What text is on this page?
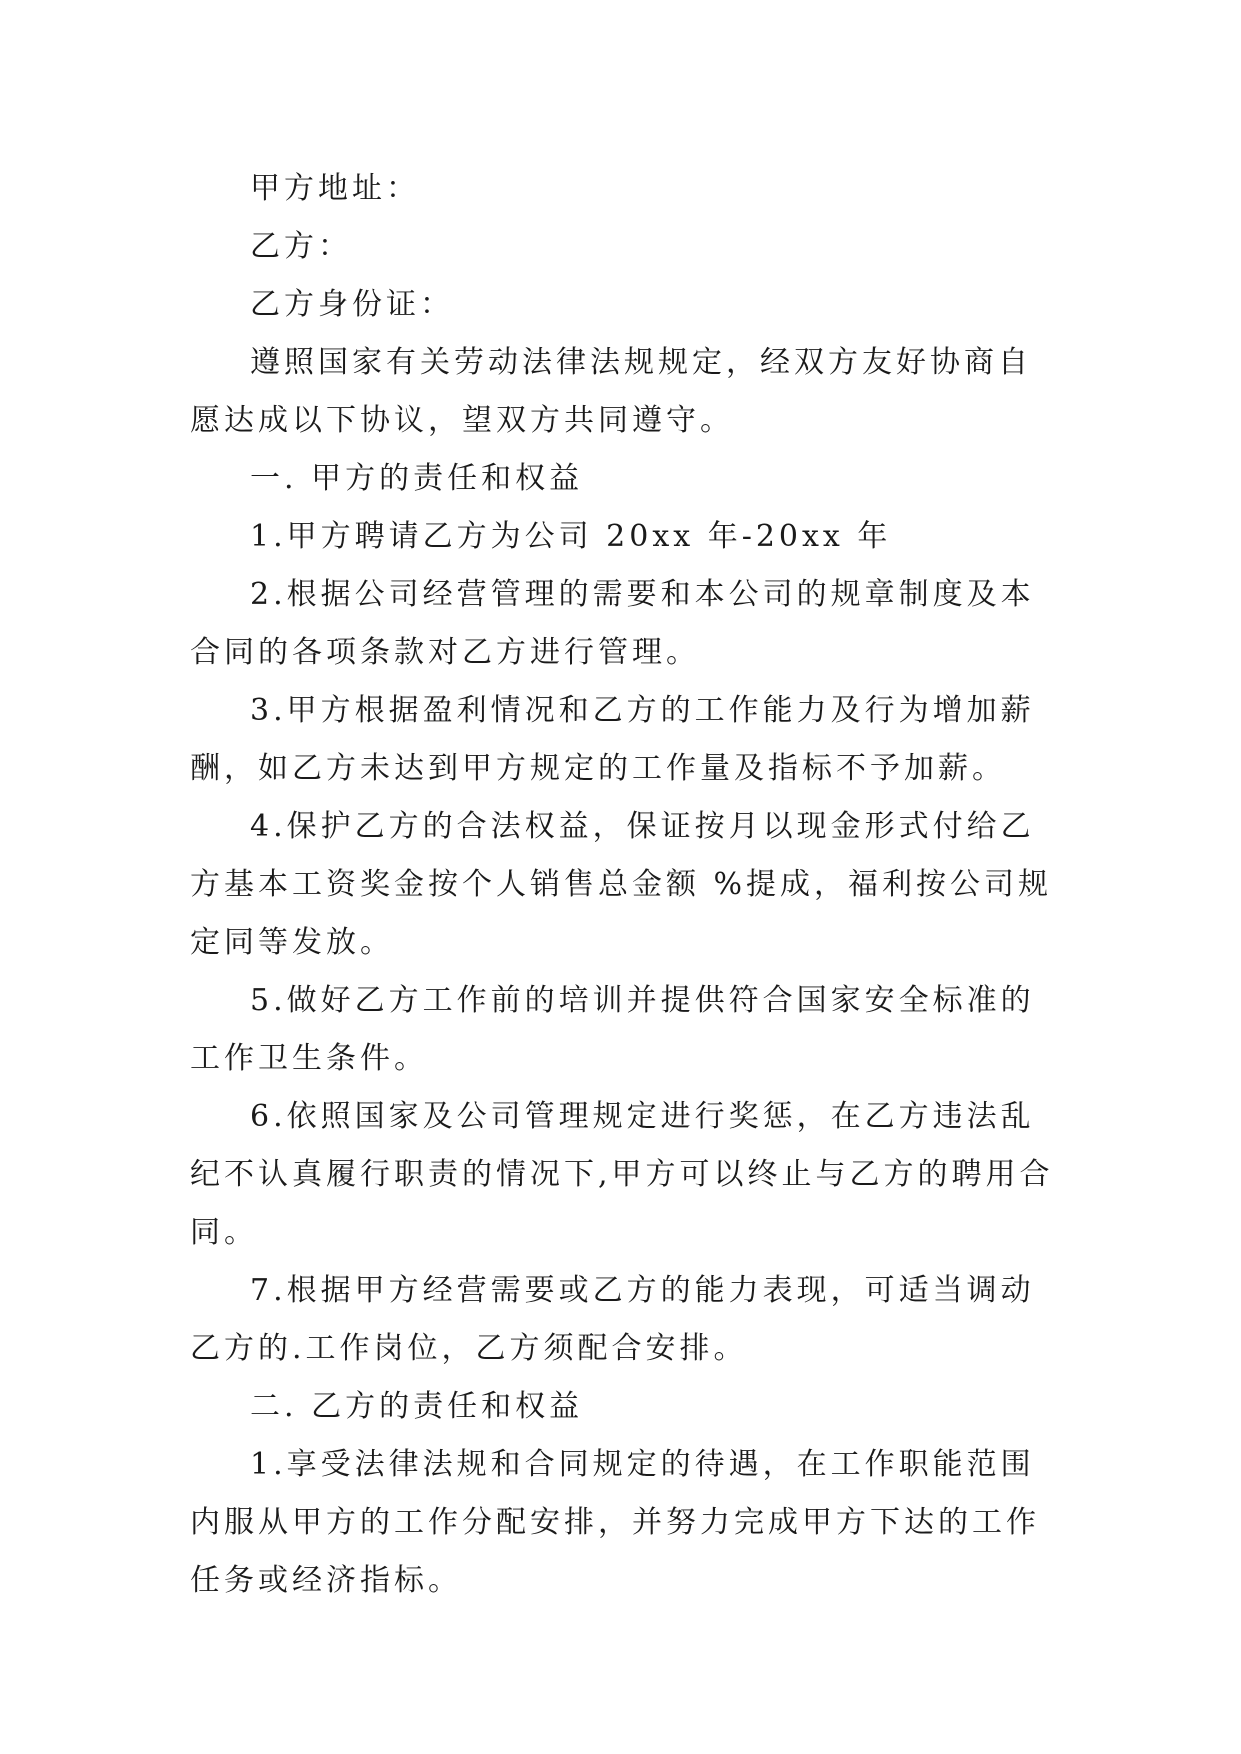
甲方地址：

乙方：

乙方身份证：

遵照国家有关劳动法律法规规定，经双方友好协商自愿达成以下协议，望双方共同遵守。

一. 甲方的责任和权益

1.甲方聘请乙方为公司 20xx 年-20xx 年

2.根据公司经营管理的需要和本公司的规章制度及本合同的各项条款对乙方进行管理。

3.甲方根据盈利情况和乙方的工作能力及行为增加薪酬，如乙方未达到甲方规定的工作量及指标不予加薪。

4.保护乙方的合法权益，保证按月以现金形式付给乙方基本工资奖金按个人销售总金额 %提成，福利按公司规定同等发放。

5.做好乙方工作前的培训并提供符合国家安全标准的工作卫生条件。

6.依照国家及公司管理规定进行奖惩，在乙方违法乱纪不认真履行职责的情况下,甲方可以终止与乙方的聘用合同。

7.根据甲方经营需要或乙方的能力表现，可适当调动乙方的.工作岗位，乙方须配合安排。

二. 乙方的责任和权益

1.享受法律法规和合同规定的待遇，在工作职能范围内服从甲方的工作分配安排，并努力完成甲方下达的工作任务或经济指标。
